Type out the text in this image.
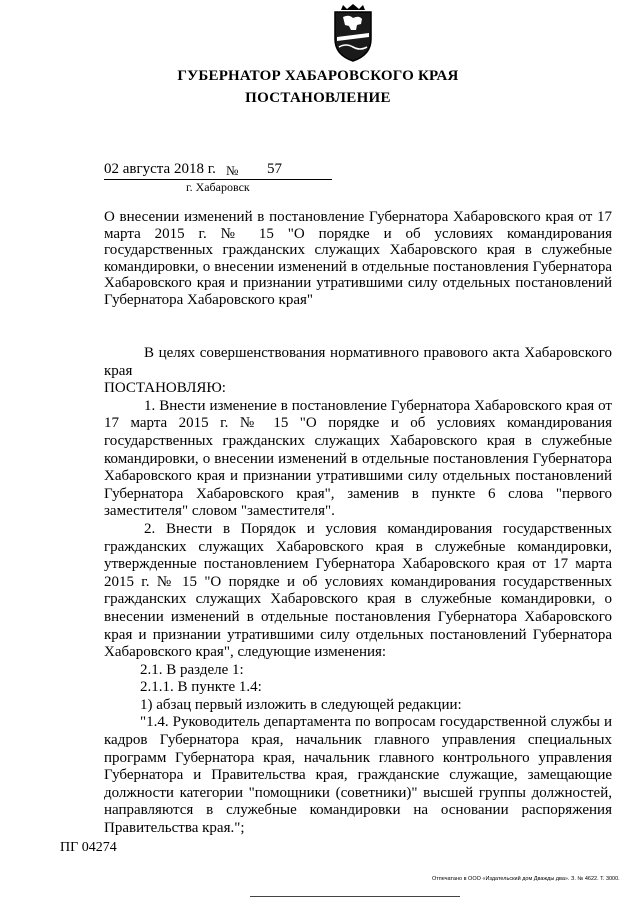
ГУБЕРНАТОР ХАБАРОВСКОГО КРАЯ
ПОСТАНОВЛЕНИЕ
02 августа 2018 г. № 57
г. Хабаровск
О внесении изменений в постановление Губернатора Хабаровского края от 17 марта 2015 г. № 15 "О порядке и об условиях командирования государственных гражданских служащих Хабаровского края в служебные командировки, о внесении изменений в отдельные постановления Губернатора Хабаровского края и признании утратившими силу отдельных постановлений Губернатора Хабаровского края"

В целях совершенствования нормативного правового акта Хабаровского края

ПОСТАНОВЛЯЮ:

1. Внести изменение в постановление Губернатора Хабаровского края от 17 марта 2015 г. № 15 "О порядке и об условиях командирования государственных гражданских служащих Хабаровского края в служебные командировки, о внесении изменений в отдельные постановления Губернатора Хабаровского края и признании утратившими силу отдельных постановлений Губернатора Хабаровского края", заменив в пункте 6 слова "первого заместителя" словом "заместителя".

2. Внести в Порядок и условия командирования государственных гражданских служащих Хабаровского края в служебные командировки, утвержденные постановлением Губернатора Хабаровского края от 17 марта 2015 г. № 15 "О порядке и об условиях командирования государственных гражданских служащих Хабаровского края в служебные командировки, о внесении изменений в отдельные постановления Губернатора Хабаровского края и признании утратившими силу отдельных постановлений Губернатора Хабаровского края", следующие изменения:

2.1. В разделе 1:

2.1.1. В пункте 1.4:

1) абзац первый изложить в следующей редакции:

"1.4. Руководитель департамента по вопросам государственной службы и кадров Губернатора края, начальник главного управления специальных программ Губернатора края, начальник главного контрольного управления Губернатора и Правительства края, гражданские служащие, замещающие должности категории "помощники (советники)" высшей группы должностей, направляются в служебные командировки на основании распоряжения Правительства края.";

ПГ 04274
Отпечатано в ООО «Издательский дом Дважды два». З. № 4622. Т. 3000.
